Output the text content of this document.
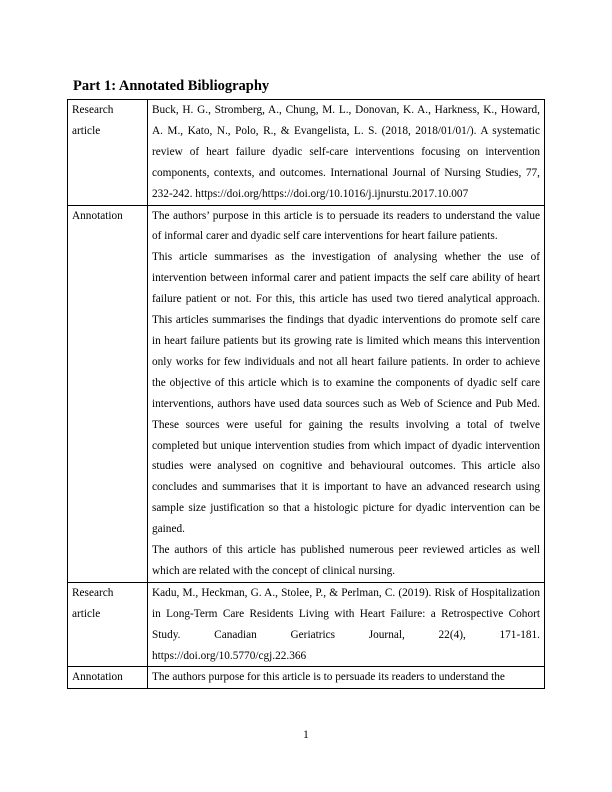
Part 1: Annotated Bibliography
Research article	Buck, H. G., Stromberg, A., Chung, M. L., Donovan, K. A., Harkness, K., Howard, A. M., Kato, N., Polo, R., & Evangelista, L. S. (2018, 2018/01/01/). A systematic review of heart failure dyadic self-care interventions focusing on intervention components, contexts, and outcomes. International Journal of Nursing Studies, 77, 232-242. https://doi.org/https://doi.org/10.1016/j.ijnurstu.2017.10.007

Annotation	The authors’ purpose in this article is to persuade its readers to understand the value of informal carer and dyadic self care interventions for heart failure patients.

This article summarises as the investigation of analysing whether the use of intervention between informal carer and patient impacts the self care ability of heart failure patient or not. For this, this article has used two tiered analytical approach. This articles summarises the findings that dyadic interventions do promote self care in heart failure patients but its growing rate is limited which means this intervention only works for few individuals and not all heart failure patients. In order to achieve the objective of this article which is to examine the components of dyadic self care interventions, authors have used data sources such as Web of Science and Pub Med. These sources were useful for gaining the results involving a total of twelve completed but unique intervention studies from which impact of dyadic intervention studies were analysed on cognitive and behavioural outcomes. This article also concludes and summarises that it is important to have an advanced research using sample size justification so that a histologic picture for dyadic intervention can be gained.

The authors of this article has published numerous peer reviewed articles as well which are related with the concept of clinical nursing.

Research article	Kadu, M., Heckman, G. A., Stolee, P., & Perlman, C. (2019). Risk of Hospitalization in Long-Term Care Residents Living with Heart Failure: a Retrospective Cohort Study. Canadian Geriatrics Journal, 22(4), 171-181. https://doi.org/10.5770/cgj.22.366

Annotation	The authors purpose for this article is to persuade its readers to understand the

1
